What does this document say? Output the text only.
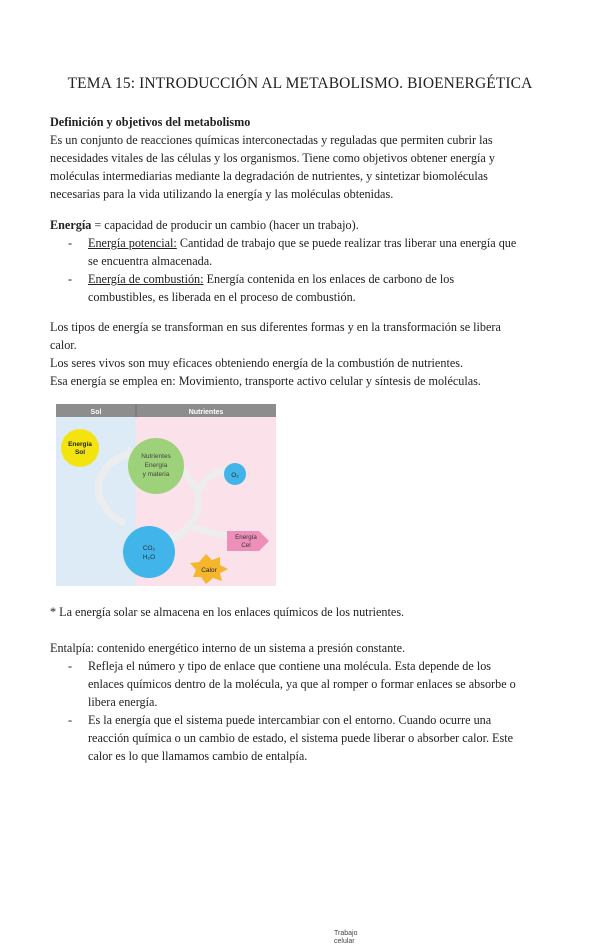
TEMA 15: INTRODUCCIÓN AL METABOLISMO. BIOENERGÉTICA
Definición y objetivos del metabolismo
Es un conjunto de reacciones químicas interconectadas y reguladas que permiten cubrir las
necesidades vitales de las células y los organismos. Tiene como objetivos obtener energía y
moléculas intermediarias mediante la degradación de nutrientes, y sintetizar biomoléculas
necesarias para la vida utilizando la energía y las moléculas obtenidas.
Energía = capacidad de producir un cambio (hacer un trabajo).
- Energía potencial: Cantidad de trabajo que se puede realizar tras liberar una energía que
se encuentra almacenada.
- Energía de combustión: Energía contenida en los enlaces de carbono de los
combustibles, es liberada en el proceso de combustión.
Los tipos de energía se transforman en sus diferentes formas y en la transformación se libera
calor.
Los seres vivos son muy eficaces obteniendo energía de la combustión de nutrientes.
Esa energía se emplea en: Movimiento, transporte activo celular y síntesis de moléculas.
Sol	Nutrientes
Energía
Sol
Nutrientes
Energía
y materia	O₂
CO₂
H₂O
Energía
Cel
Calor
Trabajo
celular
* La energía solar se almacena en los enlaces químicos de los nutrientes.
Entalpía: contenido energético interno de un sistema a presión constante.
- Refleja el número y tipo de enlace que contiene una molécula. Esta depende de los
enlaces químicos dentro de la molécula, ya que al romper o formar enlaces se absorbe o
libera energía.
- Es la energía que el sistema puede intercambiar con el entorno. Cuando ocurre una
reacción química o un cambio de estado, el sistema puede liberar o absorber calor. Este
calor es lo que llamamos cambio de entalpía.
